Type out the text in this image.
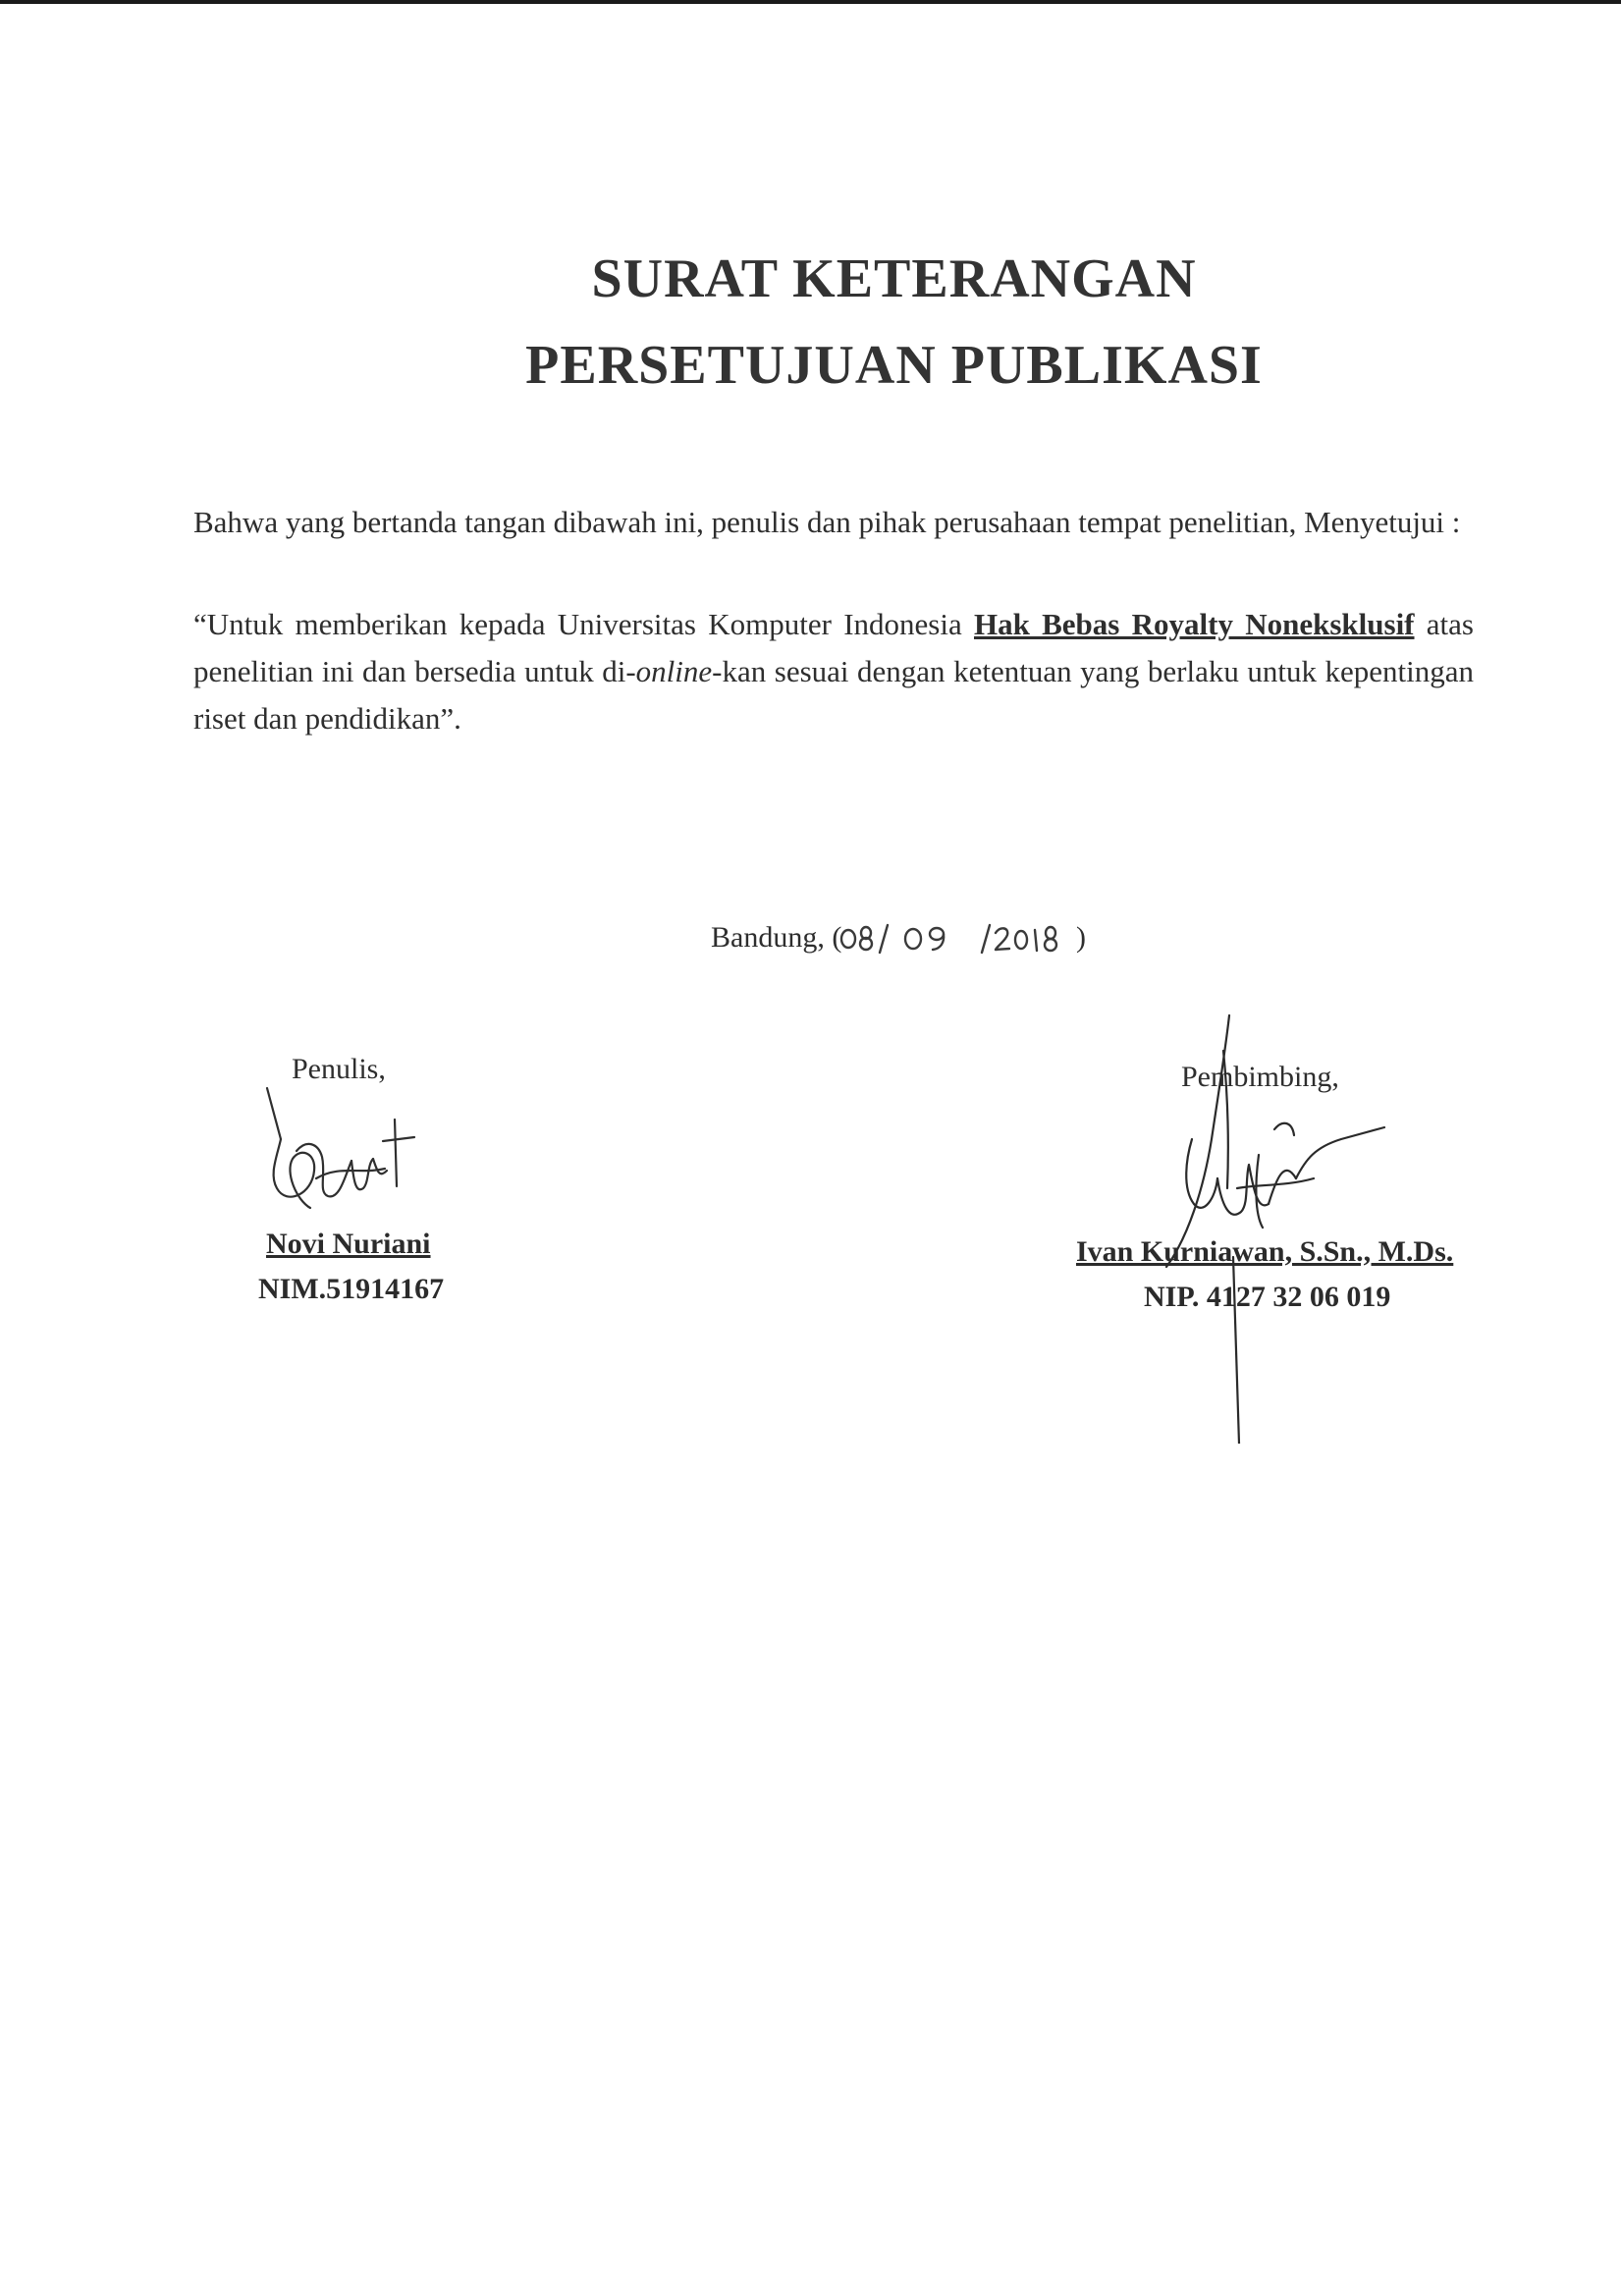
SURAT KETERANGAN
PERSETUJUAN PUBLIKASI
Bahwa yang bertanda tangan dibawah ini, penulis dan pihak perusahaan tempat penelitian, Menyetujui :
“Untuk memberikan kepada Universitas Komputer Indonesia Hak Bebas Royalty Noneksklusif atas penelitian ini dan bersedia untuk di-online-kan sesuai dengan ketentuan yang berlaku untuk kepentingan riset dan pendidikan”.
Bandung, (	)
Penulis,
Novi Nuriani
NIM.51914167
Pembimbing,
Ivan Kurniawan, S.Sn., M.Ds.
NIP. 4127 32 06 019
